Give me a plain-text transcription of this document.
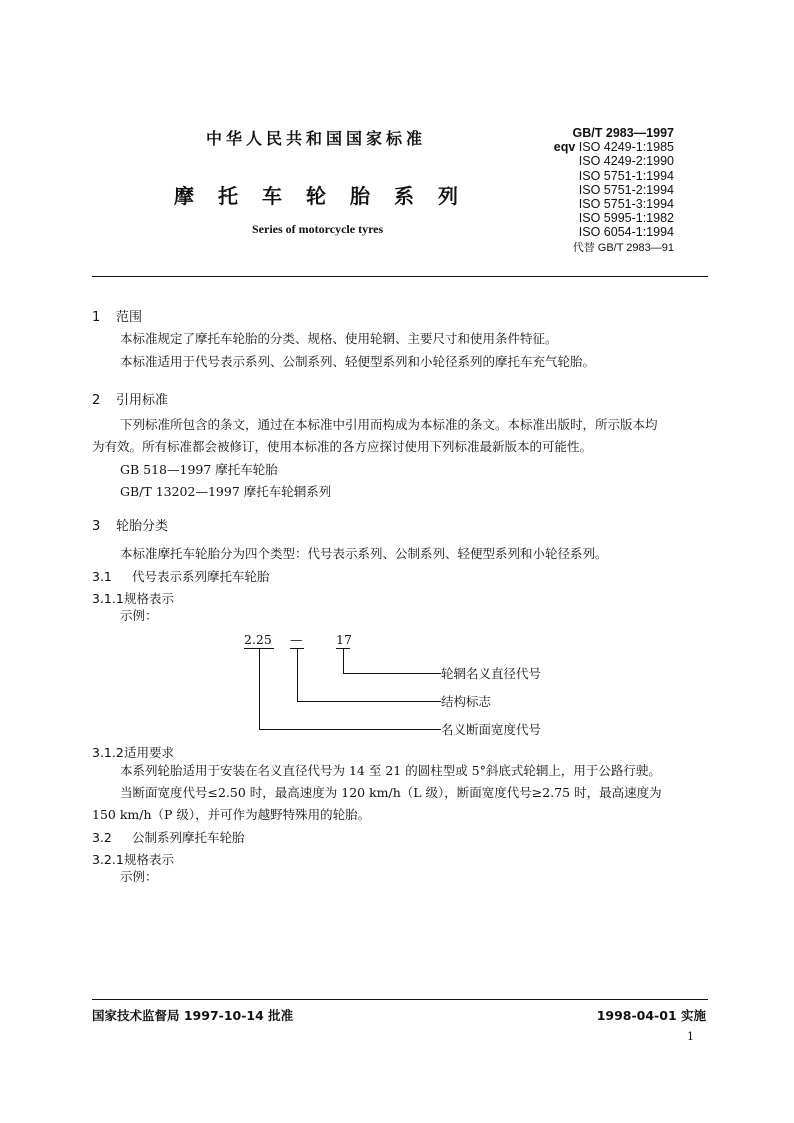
中华人民共和国国家标准
摩托车轮胎系列
Series of motorcycle tyres
GB/T 2983—1997
eqv ISO 4249-1:1985
ISO 4249-2:1990
ISO 5751-1:1994
ISO 5751-2:1994
ISO 5751-3:1994
ISO 5995-1:1982
ISO 6054-1:1994
代替 GB/T 2983—91
1 范围
本标准规定了摩托车轮胎的分类、规格、使用轮辋、主要尺寸和使用条件特征。
本标准适用于代号表示系列、公制系列、轻便型系列和小轮径系列的摩托车充气轮胎。
2 引用标准
下列标准所包含的条文，通过在本标准中引用而构成为本标准的条文。本标准出版时，所示版本均
为有效。所有标准都会被修订，使用本标准的各方应探讨使用下列标准最新版本的可能性。
GB 518—1997 摩托车轮胎
GB/T 13202—1997 摩托车轮辋系列
3 轮胎分类
本标准摩托车轮胎分为四个类型：代号表示系列、公制系列、轻便型系列和小轮径系列。
3.1 代号表示系列摩托车轮胎
3.1.1规格表示
示例：
2.25 —	17
轮辋名义直径代号
结构标志
名义断面宽度代号
3.1.2适用要求
本系列轮胎适用于安装在名义直径代号为 14 至 21 的圆柱型或 5°斜底式轮辋上，用于公路行驶。
当断面宽度代号≤2.50 时，最高速度为 120 km/h（L 级），断面宽度代号≥2.75 时，最高速度为
150 km/h（P 级），并可作为越野特殊用的轮胎。
3.2 公制系列摩托车轮胎
3.2.1规格表示
示例：
国家技术监督局 1997-10-14 批准	1998-04-01 实施
1
